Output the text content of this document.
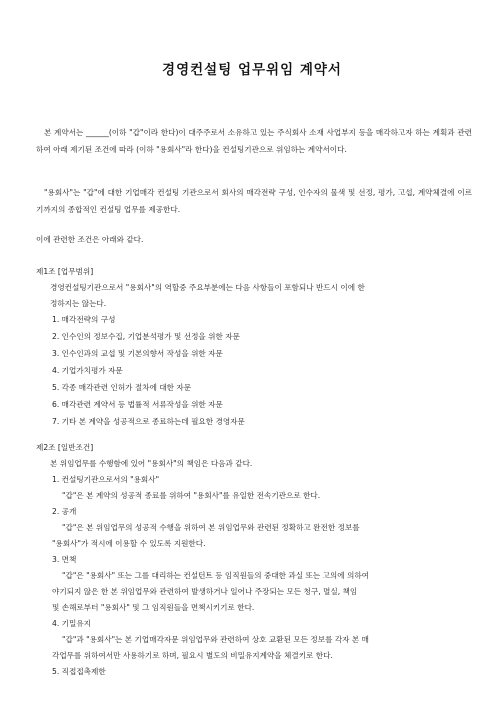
경영컨설팅 업무위임 계약서
본 계약서는 ______(이하 "갑"이라 한다)이 대주주로서 소유하고 있는 주식회사 소재 사업부지 등을 매각하고자 하는 계획과 관련하여 아래 제기된 조건에 따라 (이하 "용회사"라 한다)을 컨설팅기관으로 위임하는 계약서이다.
"용회사"는 "갑"에 대한 기업매각 컨설팅 기관으로서 회사의 매각전략 구성, 인수자의 물색 및 선정, 평가, 고섭, 계약체결에 이르기까지의 종합적인 컨설팅 업무를 제공한다.
이에 관련한 조건은 아래와 같다.
제1조 [업무범위]
경영컨설팅기관으로서 "용회사"의 역할중 주요부분에는 다음 사항들이 포함되나 반드시 이에 한
정하지는 않는다.
1. 매각전략의 구성
2. 인수인의 정보수집, 기업분석평가 및 선정을 위한 자문
3. 인수인과의 교섭 및 기본의향서 작성을 위한 자문
4. 기업가치평가 자문
5. 각종 매각관련 인허가 절차에 대한 자문
6. 매각관련 계약서 등 법률적 서류작성을 위한 자문
7. 기타 본 계약을 성공적으로 종료하는데 필요한 경영자문
제2조 [일반조건]
본 위임업무를 수행함에 있어 "용회사"의 책임은 다음과 같다.
1. 컨설팅기관으로서의 "용회사"
"갑"은 본 계약의 성공적 종료를 위하여 "용회사"를 유일한 전속기관으로 한다.
2. 공개
"갑"은 본 위임업무의 성공적 수행을 위하여 본 위임업무와 관련된 정확하고 완전한 정보를
"용회사"가 적시에 이용할 수 있도록 지원한다.
3. 면책
"갑"은 "용회사" 또는 그를 대리하는 컨설턴트 등 임직원들의 중대한 과실 또는 고의에 의하여
야기되지 않은 한 본 위임업무와 관련하여 발생하거나 일어나 주장되는 모든 청구, 멸실, 책임
및 손해로부터 "용회사" 및 그 임직원들을 면책시키기로 한다.
4. 기밀유지
"갑"과 "용회사"는 본 기업매각자문 위임업무와 관련하여 상호 교환된 모든 정보를 각자 본 매
각업무를 위하여서만 사용하기로 하며, 필요시 별도의 비밀유지계약을 체결키로 한다.
5. 직접접촉제한
